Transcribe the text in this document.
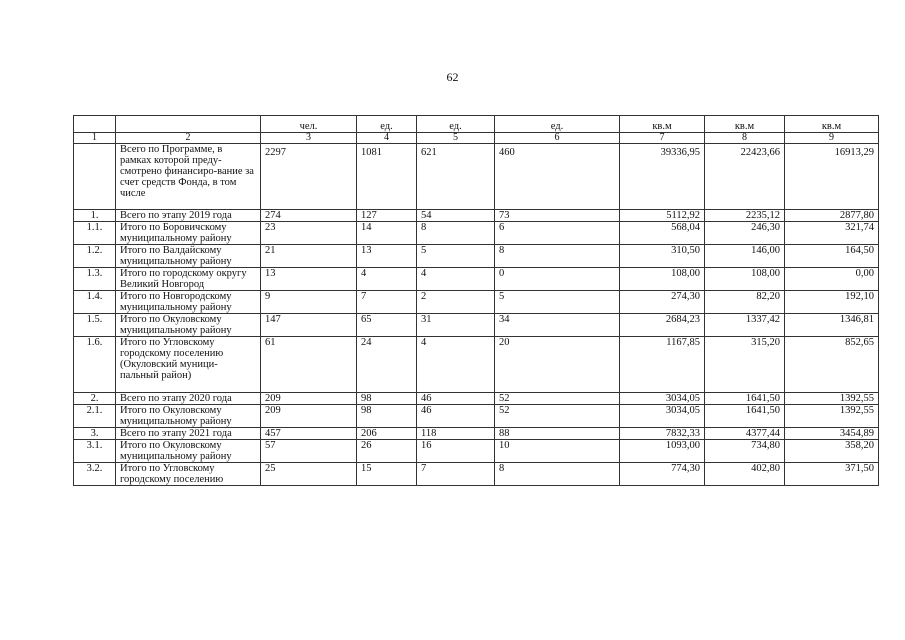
62
		чел.	ед.	ед.	ед.	кв.м	кв.м	кв.м
1	2	3	4	5	6	7	8	9
	Всего по Программе, в рамках которой преду-смотрено финансиро-вание за счет средств Фонда, в том числе	2297	1081	621	460	39336,95	22423,66	16913,29
1.	Всего по этапу 2019 года	274	127	54	73	5112,92	2235,12	2877,80
1.1.	Итого по Боровичскому муниципальному району	23	14	8	6	568,04	246,30	321,74
1.2.	Итого по Валдайскому муниципальному району	21	13	5	8	310,50	146,00	164,50
1.3.	Итого по городскому округу Великий Новгород	13	4	4	0	108,00	108,00	0,00
1.4.	Итого по Новгородскому муниципальному району	9	7	2	5	274,30	82,20	192,10
1.5.	Итого по Окуловскому муниципальному району	147	65	31	34	2684,23	1337,42	1346,81
1.6.	Итого по Угловскому городскому поселению (Окуловский муници-пальный район)	61	24	4	20	1167,85	315,20	852,65
2.	Всего по этапу 2020 года	209	98	46	52	3034,05	1641,50	1392,55
2.1.	Итого по Окуловскому муниципальному району	209	98	46	52	3034,05	1641,50	1392,55
3.	Всего по этапу 2021 года	457	206	118	88	7832,33	4377,44	3454,89
3.1.	Итого по Окуловскому муниципальному району	57	26	16	10	1093,00	734,80	358,20
3.2.	Итого по Угловскому городскому поселению	25	15	7	8	774,30	402,80	371,50
